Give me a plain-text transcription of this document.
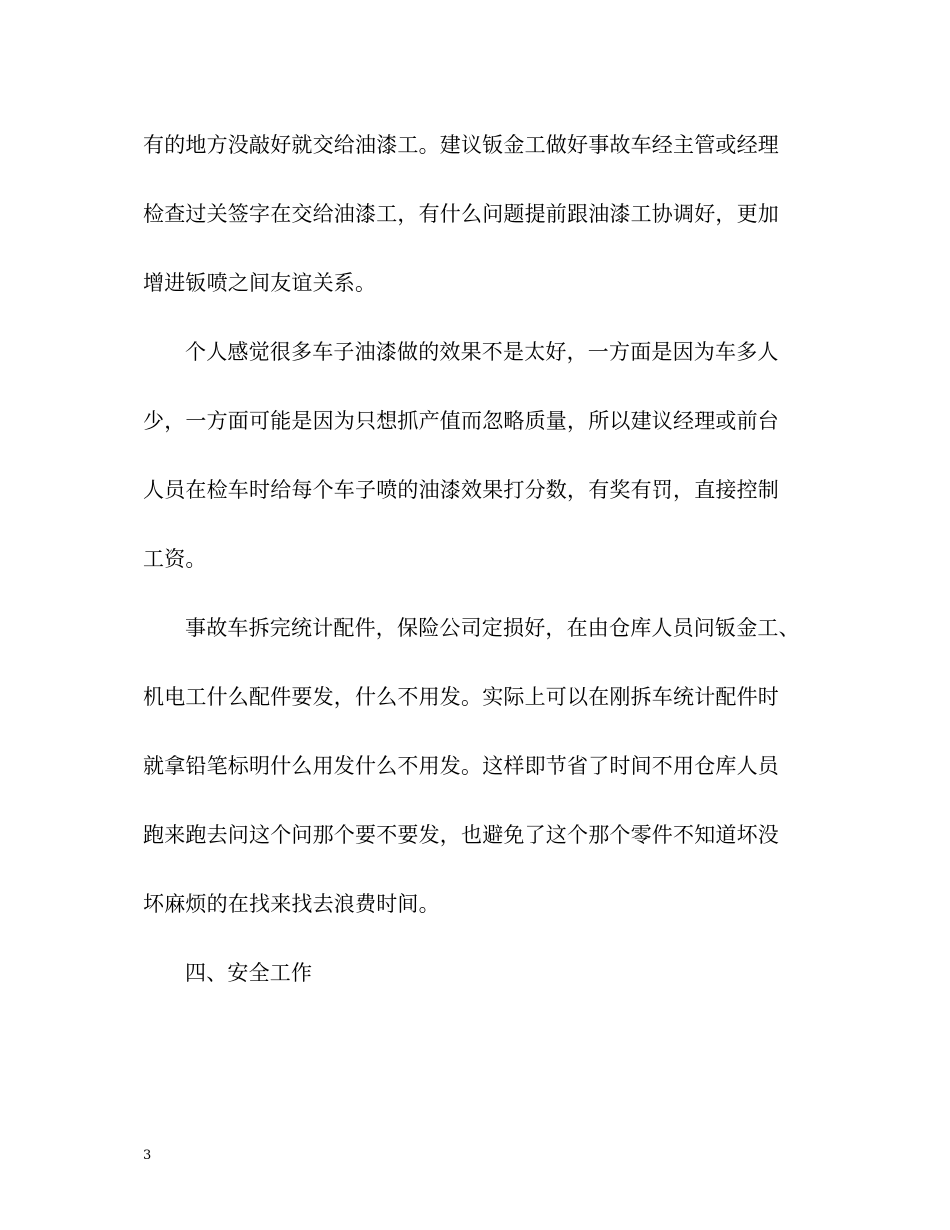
有的地方没敲好就交给油漆工。建议钣金工做好事故车经主管或经理
检查过关签字在交给油漆工，有什么问题提前跟油漆工协调好，更加
增进钣喷之间友谊关系。
个人感觉很多车子油漆做的效果不是太好，一方面是因为车多人
少，一方面可能是因为只想抓产值而忽略质量，所以建议经理或前台
人员在检车时给每个车子喷的油漆效果打分数，有奖有罚，直接控制
工资。
事故车拆完统计配件，保险公司定损好，在由仓库人员问钣金工、
机电工什么配件要发，什么不用发。实际上可以在刚拆车统计配件时
就拿铅笔标明什么用发什么不用发。这样即节省了时间不用仓库人员
跑来跑去问这个问那个要不要发，也避免了这个那个零件不知道坏没
坏麻烦的在找来找去浪费时间。
四、安全工作
3
